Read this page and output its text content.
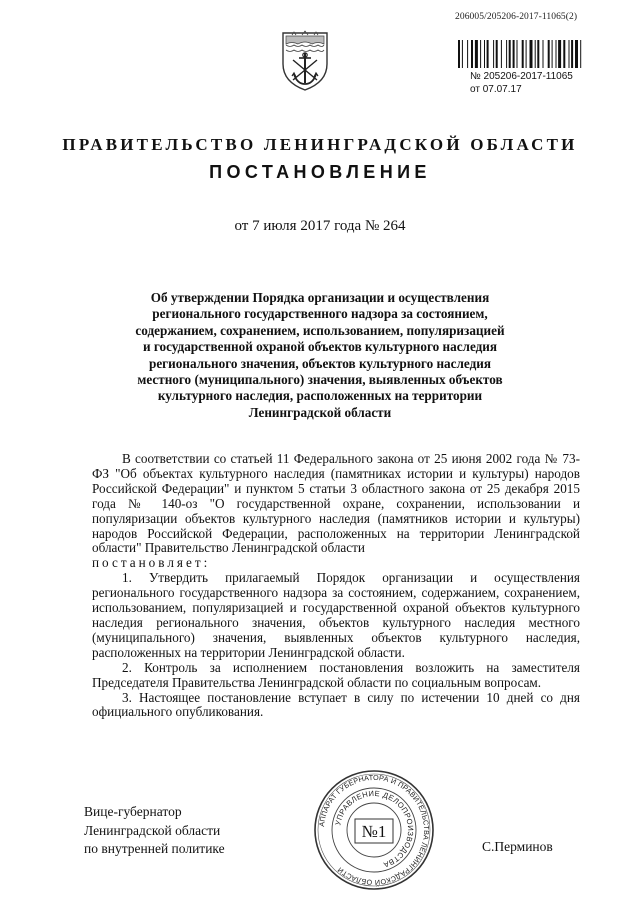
206005/205206-2017-11065(2)
№ 205206-2017-11065
от 07.07.17
ПРАВИТЕЛЬСТВО ЛЕНИНГРАДСКОЙ ОБЛАСТИ
ПОСТАНОВЛЕНИЕ
от 7 июля 2017 года № 264
Об утверждении Порядка организации и осуществления регионального государственного надзора за состоянием, содержанием, сохранением, использованием, популяризацией и государственной охраной объектов культурного наследия регионального значения, объектов культурного наследия местного (муниципального) значения, выявленных объектов культурного наследия, расположенных на территории Ленинградской области

В соответствии со статьей 11 Федерального закона от 25 июня 2002 года № 73-ФЗ "Об объектах культурного наследия (памятниках истории и культуры) народов Российской Федерации" и пунктом 5 статьи 3 областного закона от 25 декабря 2015 года № 140-оз "О государственной охране, сохранении, использовании и популяризации объектов культурного наследия (памятников истории и культуры) народов Российской Федерации, расположенных на территории Ленинградской области" Правительство Ленинградской области

постановляет:

1. Утвердить прилагаемый Порядок организации и осуществления регионального государственного надзора за состоянием, содержанием, сохранением, использованием, популяризацией и государственной охраной объектов культурного наследия регионального значения, объектов культурного наследия местного (муниципального) значения, выявленных объектов культурного наследия, расположенных на территории Ленинградской области.

2. Контроль за исполнением постановления возложить на заместителя Председателя Правительства Ленинградской области по социальным вопросам.

3. Настоящее постановление вступает в силу по истечении 10 дней со дня официального опубликования.

Вице-губернатор
Ленинградской области
по внутренней политике	С.Перминов
АППАРАТ ГУБЕРНАТОРА И ПРАВИТЕЛЬСТВА ЛЕНИНГРАДСКОЙ ОБЛАСТИ
УПРАВЛЕНИЕ ДЕЛОПРОИЗВОДСТВА
№1
